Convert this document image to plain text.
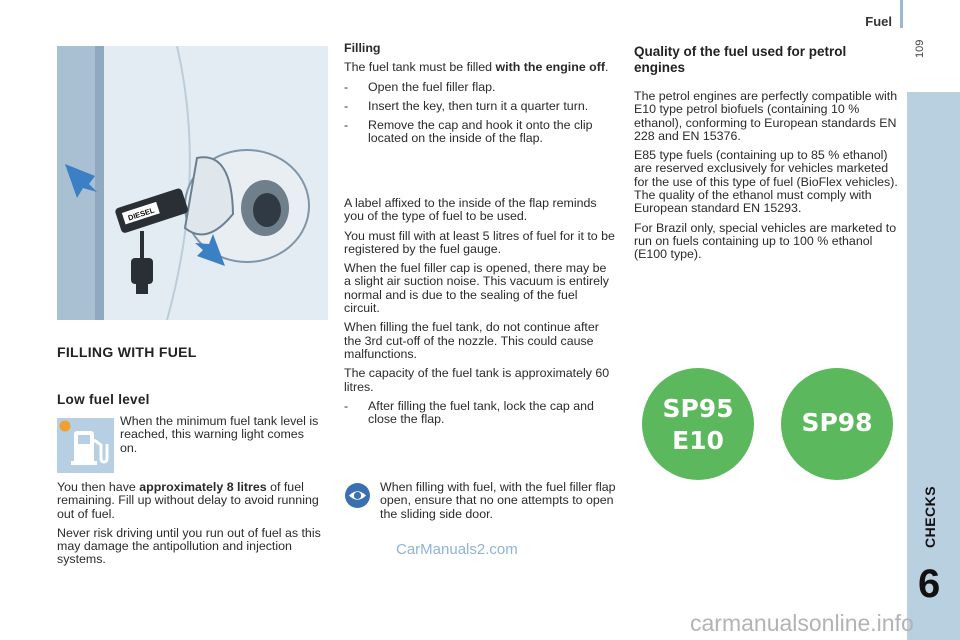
Fuel
109
CHECKS
6
DIESEL
FILLING WITH FUEL
Low fuel level

When the minimum fuel tank level is reached, this warning light comes on.

You then have approximately 8 litres of fuel remaining. Fill up without delay to avoid running out of fuel.

Never risk driving until you run out of fuel as this may damage the antipollution and injection systems.

Filling

The fuel tank must be filled with the engine off.

- Open the fuel filler flap.

- Insert the key, then turn it a quarter turn.

- Remove the cap and hook it onto the clip located on the inside of the flap.

A label affixed to the inside of the flap reminds you of the type of fuel to be used.

You must fill with at least 5 litres of fuel for it to be registered by the fuel gauge.

When the fuel filler cap is opened, there may be a slight air suction noise. This vacuum is entirely normal and is due to the sealing of the fuel circuit.

When filling the fuel tank, do not continue after the 3rd cut-off of the nozzle. This could cause malfunctions.

The capacity of the fuel tank is approximately 60 litres.

- After filling the fuel tank, lock the cap and close the flap.

When filling with fuel, with the fuel filler flap open, ensure that no one attempts to open the sliding side door.

Quality of the fuel used for petrol engines

The petrol engines are perfectly compatible with E10 type petrol biofuels (containing 10 % ethanol), conforming to European standards EN 228 and EN 15376.

E85 type fuels (containing up to 85 % ethanol) are reserved exclusively for vehicles marketed for the use of this type of fuel (BioFlex vehicles). The quality of the ethanol must comply with European standard EN 15293.

For Brazil only, special vehicles are marketed to run on fuels containing up to 100 % ethanol (E100 type).

SP95
E10
SP98
CarManuals2.com
carmanualsonline.info
